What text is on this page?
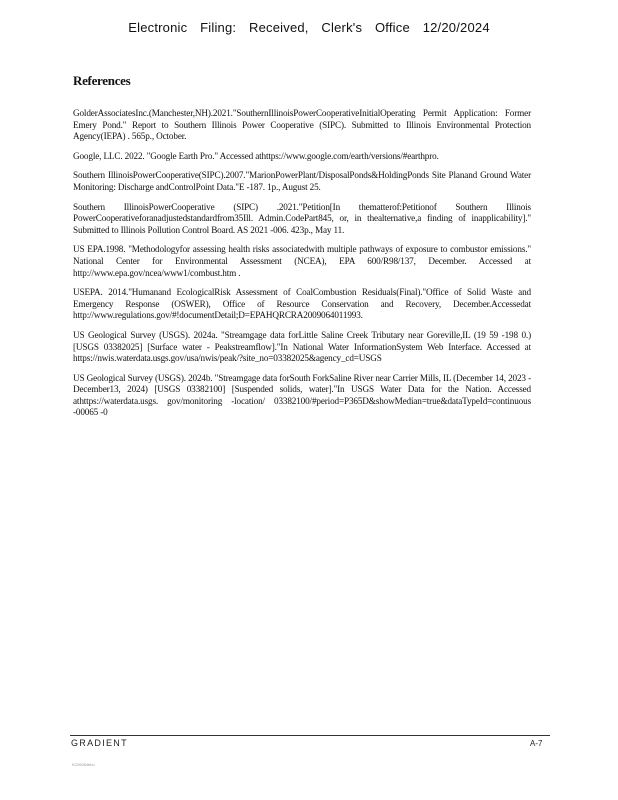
Electronic Filing: Received, Clerk's Office 12/20/2024
References
GolderAssociatesInc.(Manchester,NH).2021."SouthernIllinoisPowerCooperativeInitialOperating Permit Application: Former Emery Pond." Report to Southern Illinois Power Cooperative (SIPC). Submitted to Illinois Environmental Protection Agency(IEPA) . 565p., October.
Google, LLC. 2022. "Google Earth Pro." Accessed athttps://www.google.com/earth/versions/#earthpro.
Southern IllinoisPowerCooperative(SIPC).2007."MarionPowerPlant/DisposalPonds&HoldingPonds Site Planand Ground Water Monitoring: Discharge andControlPoint Data."E -187. 1p., August 25.
Southern IllinoisPowerCooperative (SIPC) .2021."Petition[In thematterof:Petitionof Southern Illinois PowerCooperativeforanadjustedstandardfrom35Ill. Admin.CodePart845, or, in thealternative,a finding of inapplicability]." Submitted to Illinois Pollution Control Board. AS 2021 -006. 423p., May 11.
US EPA.1998. "Methodologyfor assessing health risks associatedwith multiple pathways of exposure to combustor emissions." National Center for Environmental Assessment (NCEA), EPA 600/R98/137, December. Accessed at http://www.epa.gov/ncea/www1/combust.htm .
USEPA. 2014."Humanand EcologicalRisk Assessment of CoalCombustion Residuals(Final)."Office of Solid Waste and Emergency Response (OSWER), Office of Resource Conservation and Recovery, December.Accessedat http://www.regulations.gov/#!documentDetail;D=EPAHQRCRA2009064011993.
US Geological Survey (USGS). 2024a. "Streamgage data forLittle Saline Creek Tributary near Goreville,IL (19 59 -198 0.) [USGS 03382025] [Surface water - Peakstreamflow]."In National Water InformationSystem Web Interface. Accessed at https://nwis.waterdata.usgs.gov/usa/nwis/peak/?site_no=03382025&agency_cd=USGS
US Geological Survey (USGS). 2024b. "Streamgage data forSouth ForkSaline River near Carrier Mills, IL (December 14, 2023 -December13, 2024) [USGS 03382100] [Suspended solids, water]."In USGS Water Data for the Nation. Accessed athttps://waterdata.usgs. gov/monitoring -location/ 03382100/#period=P365D&showMedian=true&dataTypeId=continuous -00065 -0
GRADIENT	A-7
K220064bbu
